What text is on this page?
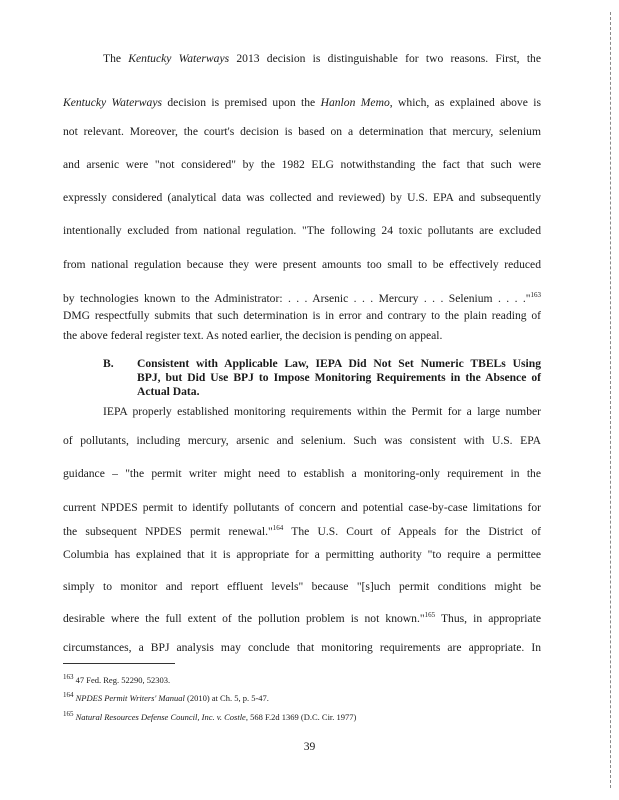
The Kentucky Waterways 2013 decision is distinguishable for two reasons. First, the
Kentucky Waterways decision is premised upon the Hanlon Memo, which, as explained above is
not relevant. Moreover, the court's decision is based on a determination that mercury, selenium
and arsenic were "not considered" by the 1982 ELG notwithstanding the fact that such were
expressly considered (analytical data was collected and reviewed) by U.S. EPA and subsequently
intentionally excluded from national regulation. "The following 24 toxic pollutants are excluded
from national regulation because they were present amounts too small to be effectively reduced
by technologies known to the Administrator: . . . Arsenic . . . Mercury . . . Selenium . . . ."$^{163}$
DMG respectfully submits that such determination is in error and contrary to the plain reading of
the above federal register text. As noted earlier, the decision is pending on appeal.
B. Consistent with Applicable Law, IEPA Did Not Set Numeric TBELs Using
BPJ, but Did Use BPJ to Impose Monitoring Requirements in the Absence of
Actual Data.
IEPA properly established monitoring requirements within the Permit for a large number
of pollutants, including mercury, arsenic and selenium. Such was consistent with U.S. EPA
guidance – "the permit writer might need to establish a monitoring-only requirement in the
current NPDES permit to identify pollutants of concern and potential case-by-case limitations for
the subsequent NPDES permit renewal."$^{164}$ The U.S. Court of Appeals for the District of
Columbia has explained that it is appropriate for a permitting authority "to require a permittee
simply to monitor and report effluent levels" because "[s]uch permit conditions might be
desirable where the full extent of the pollution problem is not known."$^{165}$ Thus, in appropriate
circumstances, a BPJ analysis may conclude that monitoring requirements are appropriate. In
$^{163}$ 47 Fed. Reg. 52290, 52303.
$^{164}$ NPDES Permit Writers' Manual (2010) at Ch. 5, p. 5-47.
$^{165}$ Natural Resources Defense Council, Inc. v. Costle, 568 F.2d 1369 (D.C. Cir. 1977)
39
